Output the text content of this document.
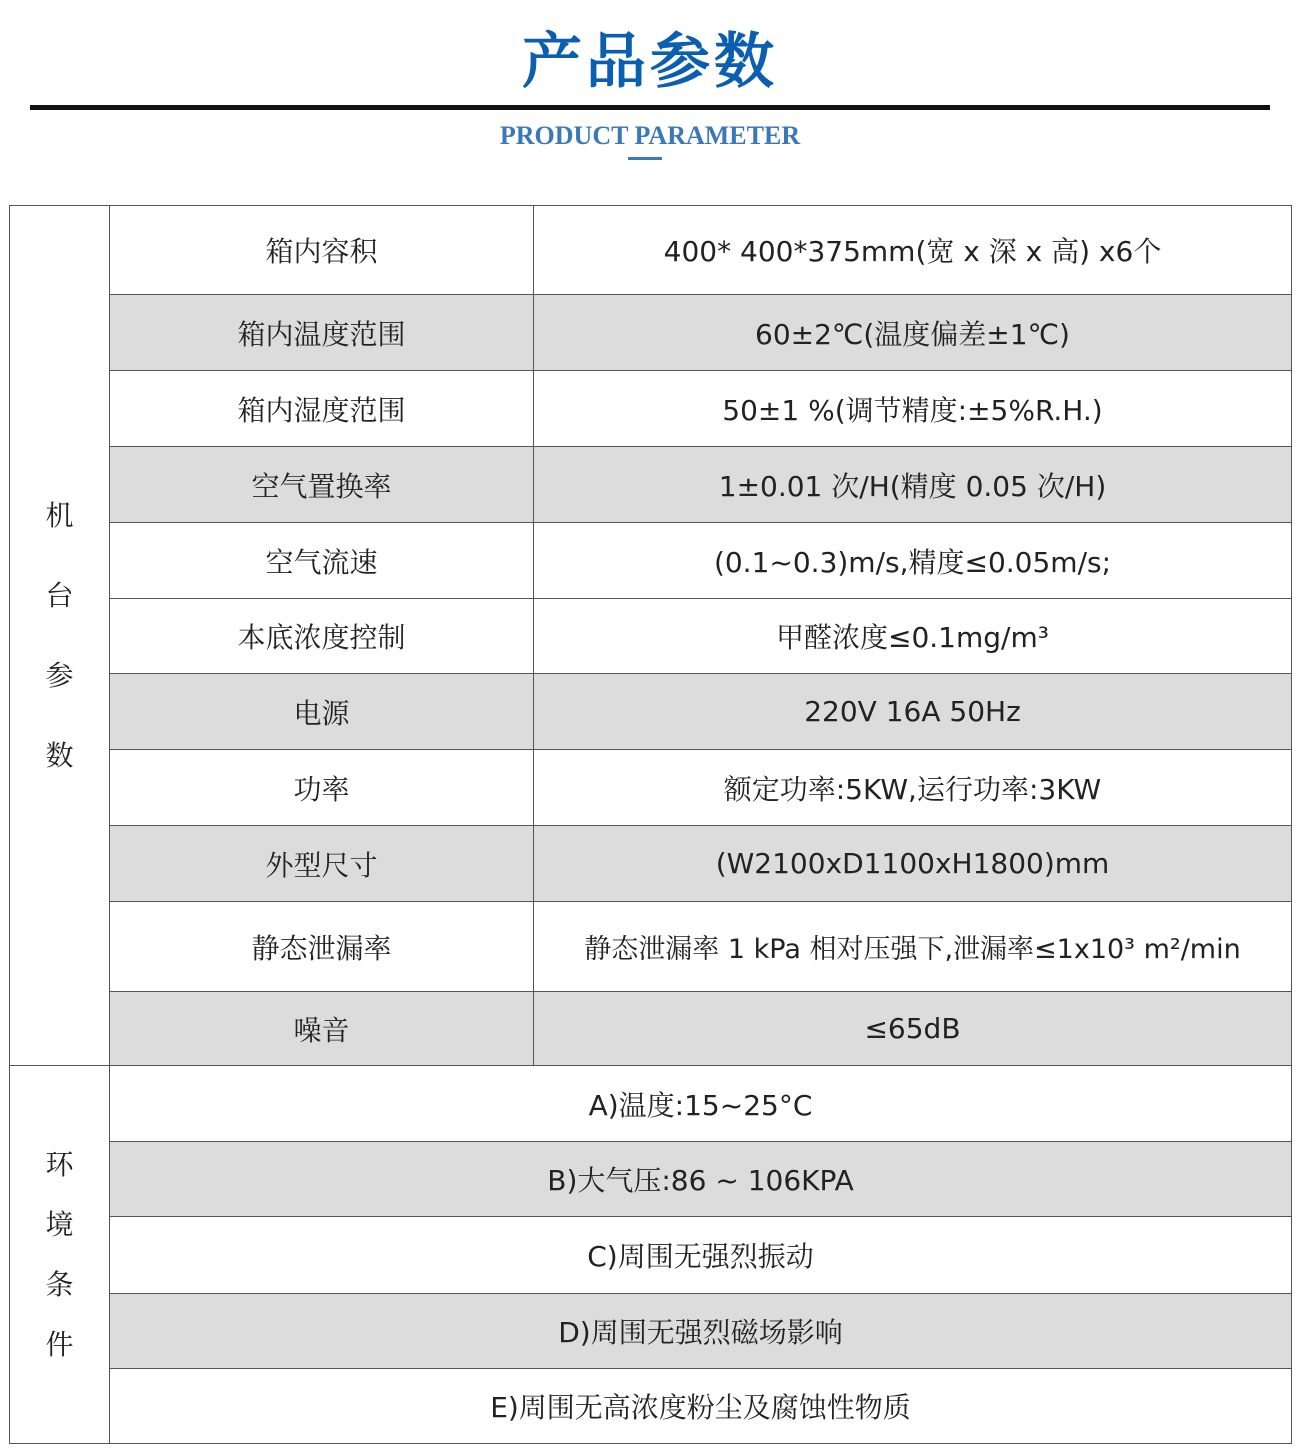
产品参数
PRODUCT PARAMETER
机
台
参
数	箱内容积	400* 400*375mm(宽 x 深 x 高) x6个
	箱内温度范围	60±2℃(温度偏差±1℃)
	箱内湿度范围	50±1 %(调节精度:±5%R.H.)
	空气置换率	1±0.01 次/H(精度 0.05 次/H)
	空气流速	(0.1~0.3)m/s,精度≤0.05m/s;
	本底浓度控制	甲醛浓度≤0.1mg/m³
	电源	220V 16A 50Hz
	功率	额定功率:5KW,运行功率:3KW
	外型尺寸	(W2100xD1100xH1800)mm
	静态泄漏率	静态泄漏率 1 kPa 相对压强下,泄漏率≤1x10³ m²/min
	噪音	≤65dB

环
境
条
件	A)温度:15~25°C	
	B)大气压:86 ~ 106KPA	
	C)周围无强烈振动	
	D)周围无强烈磁场影响	
	E)周围无高浓度粉尘及腐蚀性物质	
